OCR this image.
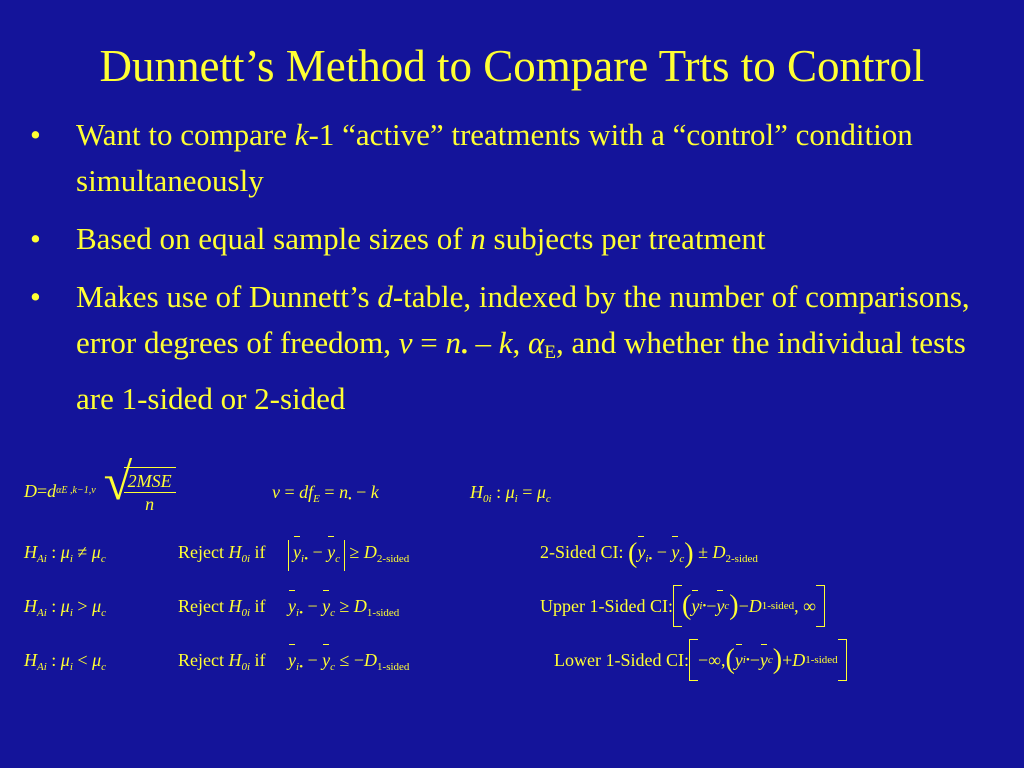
Dunnett’s Method to Compare Trts to Control
• Want to compare k-1 “active” treatments with a “control” condition simultaneously
• Based on equal sample sizes of n subjects per treatment
• Makes use of Dunnett’s d-table, indexed by the number of comparisons, error degrees of freedom, $\nu = n_• - k$, $\alpha_E$, and whether the individual tests are 1-sided or 2-sided
D = d αE ,k−1,ν
√ $\frac{\text{2MSE}}{n}$	$\nu = df_E = n_• - k$	$H_{0i}$ : $\mu_i = \mu_c$
$H_{Ai}$ : $\mu_i \ne \mu_c$	Reject $H_{0i}$ if $y_{i•} - y_c \ge D_{2-sided}$	2-Sided CI: $(y_{i•} - y_c) \pm D_{2-sided}$
$H_{Ai}$ : $\mu_i > \mu_c$	Reject $H_{0i}$ if $y_{i•} - y_c \ge D_{1-sided}$	Upper 1-Sided CI: ( y i• − y c ) − D 1-sided , ∞
$H_{Ai}$ : $\mu_i < \mu_c$	Reject $H_{0i}$ if $y_{i•} - y_c \le -D_{1-sided}$	Lower 1-Sided CI: −∞, ( y i• − y c ) + D 1-sided
